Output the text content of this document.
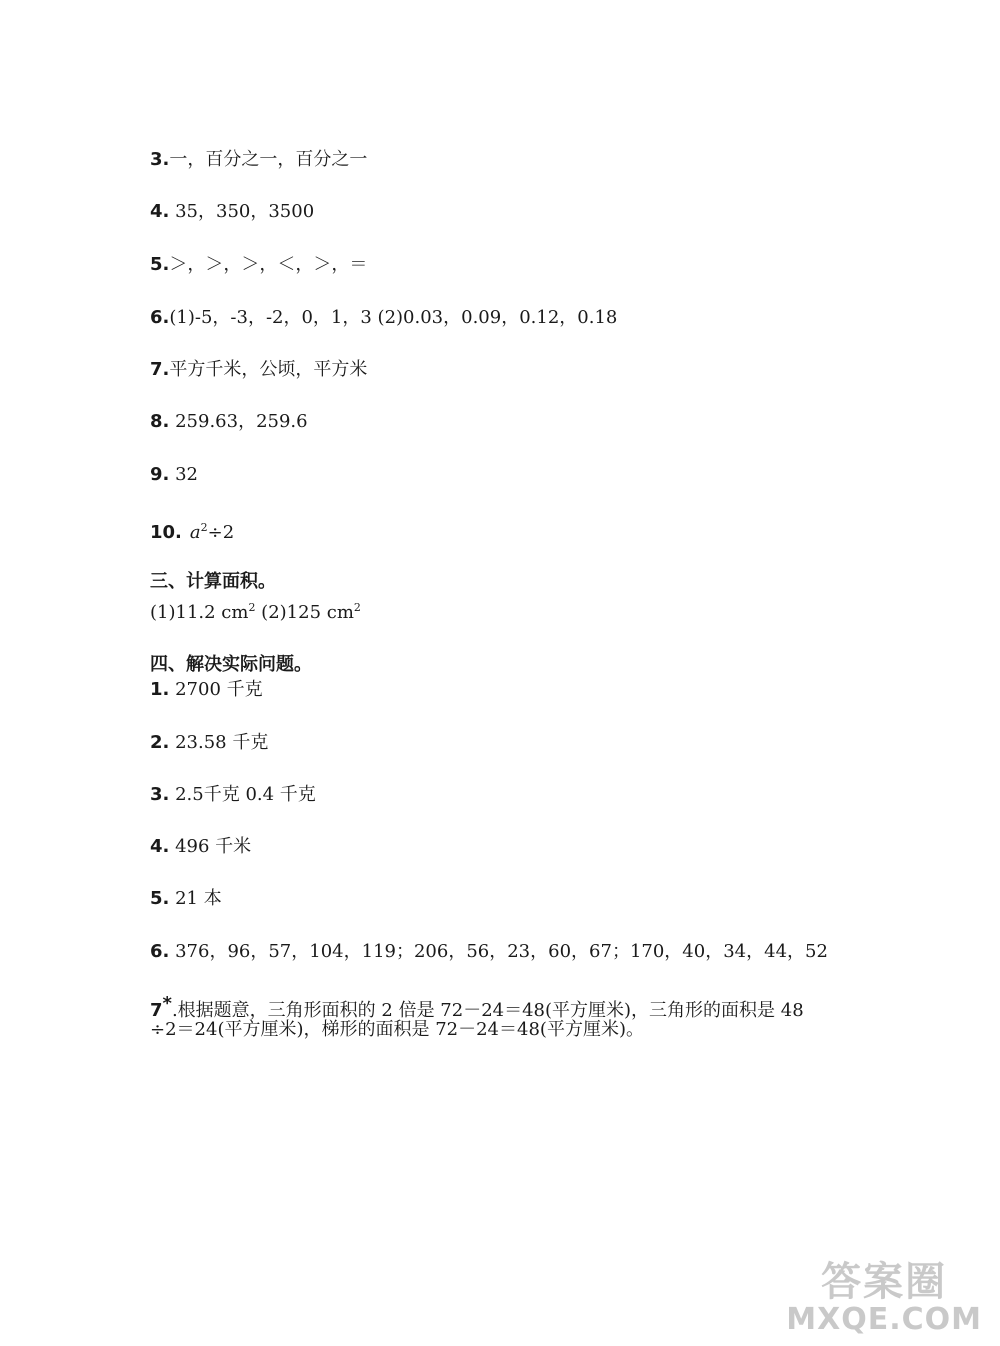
3.一，百分之一，百分之一
4. 35，350，3500
5.＞，＞，＞，＜，＞，＝
6.(1)-5，-3，-2，0，1，3 (2)0.03，0.09，0.12，0.18
7.平方千米，公顷，平方米
8. 259.63，259.6
9. 32
10. $a^2\div 2$
三、计算面积。
(1)11.2 $cm^2$ (2)125 $cm^2$
四、解决实际问题。
1. 2700 千克
2. 23.58 千克
3. 2.5千克 0.4 千克
4. 496 千米
5. 21 本
6. 376，96，57，104，119；206，56，23，60，67；170，40，34，44，52
7*.根据题意，三角形面积的 2 倍是 72－24＝48(平方厘米)，三角形的面积是 48
÷2＝24(平方厘米)，梯形的面积是 72－24＝48(平方厘米)。
答案圈
MXQE.COM
